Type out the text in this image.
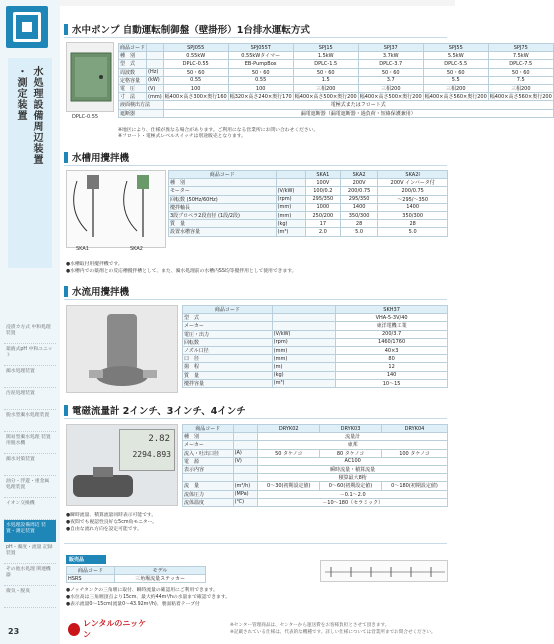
水処理設備周辺装置
・測定装置
浸漬カ方式 中和処理装置
薬液式pH 中和ユニット
濁水処理装置
汚泥処理装置
脱水型濁水処理装置
簡易型濁水処理 装置用脱水機
濁水対策装置
油分・浮遊・重金属 処理装置
イオン交換機
水処理設備周辺 装置・測定装置
pH・濁度・流量 記録装置
その他水処理 関連機器
微気・脱臭
23
水中ポンプ 自動運転制御盤（壁掛形）1台排水運転方式
DPLC-0.55
商品コード		SPJ055	SPJ055T	SPJ15	SPJ37	SPJ55	SPJ75
種　別		0.55kW	0.55kWタイマー	1.5kW	3.7kW	5.5kW	7.5kW
型　式		DPLC-0.55	EB-PumpBox	DPLC-1.5	DPLC-3.7	DPLC-5.5	DPLC-7.5
周波数	(Hz)	50・60	50・60	50・60	50・60	50・60	50・60
定格容量	(kW)	0.55	0.55	1.5	3.7	5.5	7.5
電　圧	(V)	100	100	三相200	三相200	三相200	三相200
寸　法	(mm)	幅400×高さ300×奥行160	幅320×高さ240×奥行170	幅400×高さ500×奥行200	幅400×高さ500×奥行200	幅400×高さ560×奥行200	幅400×高さ560×奥行200
液面検出方法		電極式またはフロート式					
遮断器		漏電遮断器（漏電遮断器・過負荷・短絡保護兼用）					
※地区により、仕様が異なる場合があります。ご利用になる営業所にお問い合わせください。
※フロート・電極式レベルスイッチは別途販売となります。
水槽用攪拌機
SKA1	SKA2
商品コード		SKA1	SKA2	SKA2I
種　別		100V	200V	200V インバータ付
モーター	(V/kW)	100/0.2	200/0.75	200/0.75
回転数 (50Hz/60Hz)	(rpm)	295/350	295/350	～295/～350
攪拌軸長	(mm)	1000	1400	1400
3段プロペラ2段直径 (1段/2段)	(mm)	250/200	350/300	350/300
質　量	(kg)	17	28	28
設置水槽容量	(m³)	2.0	5.0	5.0
●水槽取付用攪拌機です。
●水槽内での薬剤との反応槽攪拌槽として、また、濁水処理前の水槽内SS均等攪拌用として使用できます。
水流用攪拌機
商品コード		SKH37
型　式		VHA-5-3V/40
メーカー		東洋電機工業
電圧・出力	(V/kW)	200/3.7
回転数	(rpm)	1460/1760
ノズル口径	(mm)	40×3
口　径	(mm)	80
揚　程	(m)	12
質　量	(kg)	140
攪拌容量	(m³)	10～15
電磁流量計 2インチ、3インチ、4インチ
2.82
2294.893
商品コード		DRYK02	DRYK03	DRYK04
種　別		流量計		
メーカー		東邦		
流入・吐出口径	(A)	50 タケノコ	80 タケノコ	100 タケノコ
電　源	(V)	AC100		
表示内容		瞬時流量・積算流量		
		積算最大8桁		
流　量	(m³/h)	0～30(初期設定値)	0～60(初期設定値)	0～180(初期設定値)
流体圧力	(MPa)	－0.1～2.0		
流体温度	(℃)	－10～180（セラミック）		
●瞬時流量、積算流量同時表示可能です。
●夜間でも視認性良好な5cm角モニター。
●自由な流れ方向を設定可能です。
販売品
商品コード	モデル
HSRS	三角堰流量ステッカー
●ノッチタンクの三角堰に取付、瞬時流量の確認用にご利用できます。
●水位高は三角堰頂点より15cm、最大約44m³/hの水量まで確認できます。
●表示流量0～15cm(流量0～43.92m³/h)、裏面粘着テープ付
レンタルのニッケン
※センター管理商品は、センターから運送費をお客様負担とさせて頂きます。
※記載されている仕様は、代表的な機種です。詳しい仕様については営業所までお問合せください。
